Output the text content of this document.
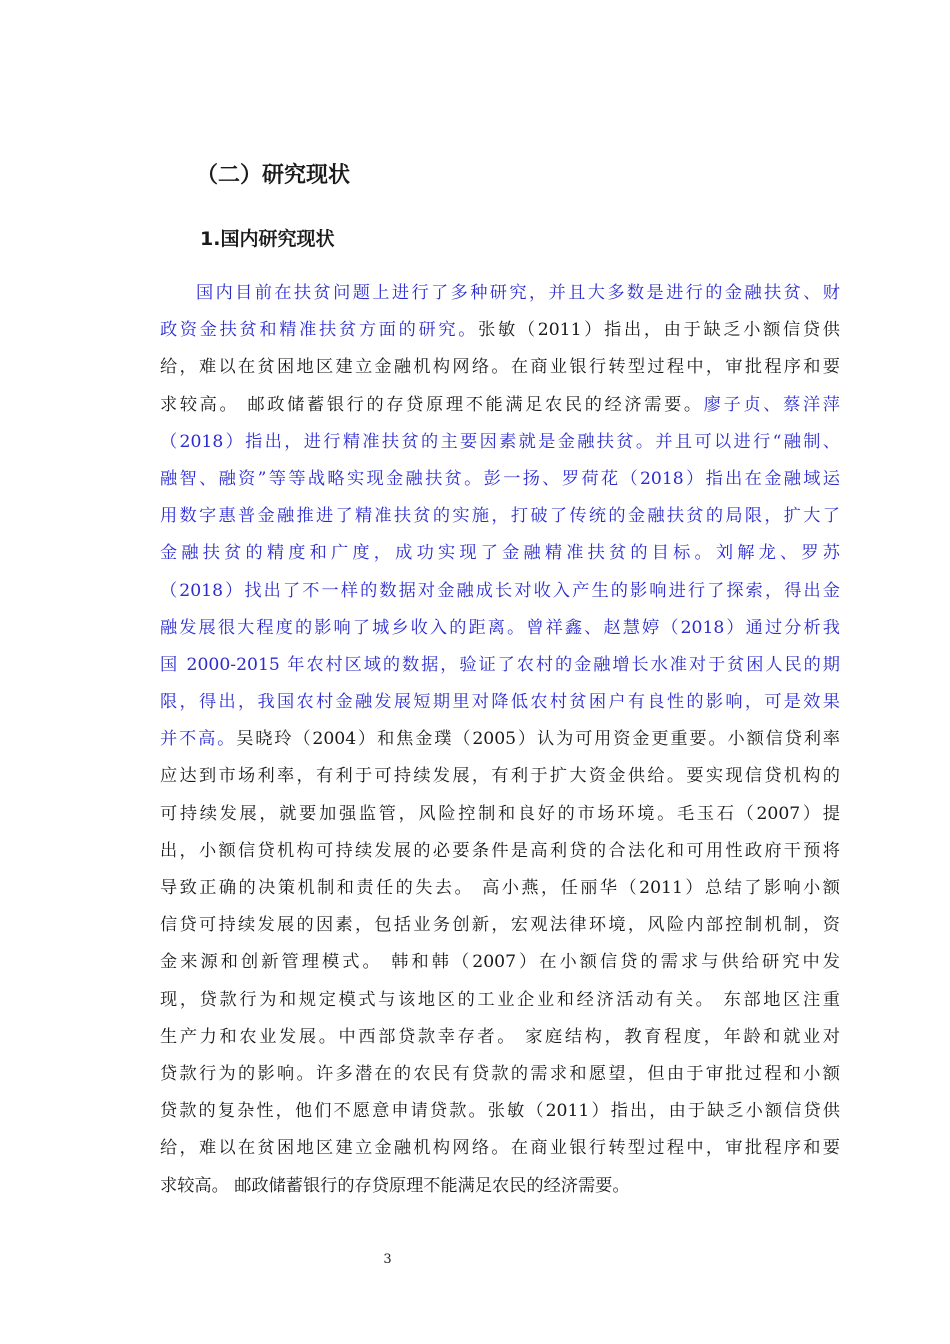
（二）研究现状
1.国内研究现状
国内目前在扶贫问题上进行了多种研究，并且大多数是进行的金融扶贫、财
政资金扶贫和精准扶贫方面的研究。张敏（2011）指出，由于缺乏小额信贷供
给，难以在贫困地区建立金融机构网络。在商业银行转型过程中，审批程序和要
求较高。 邮政储蓄银行的存贷原理不能满足农民的经济需要。廖子贞、蔡洋萍
（2018）指出，进行精准扶贫的主要因素就是金融扶贫。并且可以进行“融制、
融智、融资”等等战略实现金融扶贫。彭一扬、罗荷花（2018）指出在金融域运
用数字惠普金融推进了精准扶贫的实施，打破了传统的金融扶贫的局限，扩大了
金融扶贫的精度和广度，成功实现了金融精准扶贫的目标。刘解龙、罗苏
（2018）找出了不一样的数据对金融成长对收入产生的影响进行了探索，得出金
融发展很大程度的影响了城乡收入的距离。曾祥鑫、赵慧婷（2018）通过分析我
国 2000-2015 年农村区域的数据，验证了农村的金融增长水准对于贫困人民的期
限，得出，我国农村金融发展短期里对降低农村贫困户有良性的影响，可是效果
并不高。吴晓玲（2004）和焦金璞（2005）认为可用资金更重要。小额信贷利率
应达到市场利率，有利于可持续发展，有利于扩大资金供给。要实现信贷机构的
可持续发展，就要加强监管，风险控制和良好的市场环境。毛玉石（2007）提
出，小额信贷机构可持续发展的必要条件是高利贷的合法化和可用性政府干预将
导致正确的决策机制和责任的失去。 高小燕，任丽华（2011）总结了影响小额
信贷可持续发展的因素，包括业务创新，宏观法律环境，风险内部控制机制，资
金来源和创新管理模式。 韩和韩（2007）在小额信贷的需求与供给研究中发
现，贷款行为和规定模式与该地区的工业企业和经济活动有关。 东部地区注重
生产力和农业发展。中西部贷款幸存者。 家庭结构，教育程度，年龄和就业对
贷款行为的影响。许多潜在的农民有贷款的需求和愿望，但由于审批过程和小额
贷款的复杂性，他们不愿意申请贷款。张敏（2011）指出，由于缺乏小额信贷供
给，难以在贫困地区建立金融机构网络。在商业银行转型过程中，审批程序和要
求较高。 邮政储蓄银行的存贷原理不能满足农民的经济需要。
3
